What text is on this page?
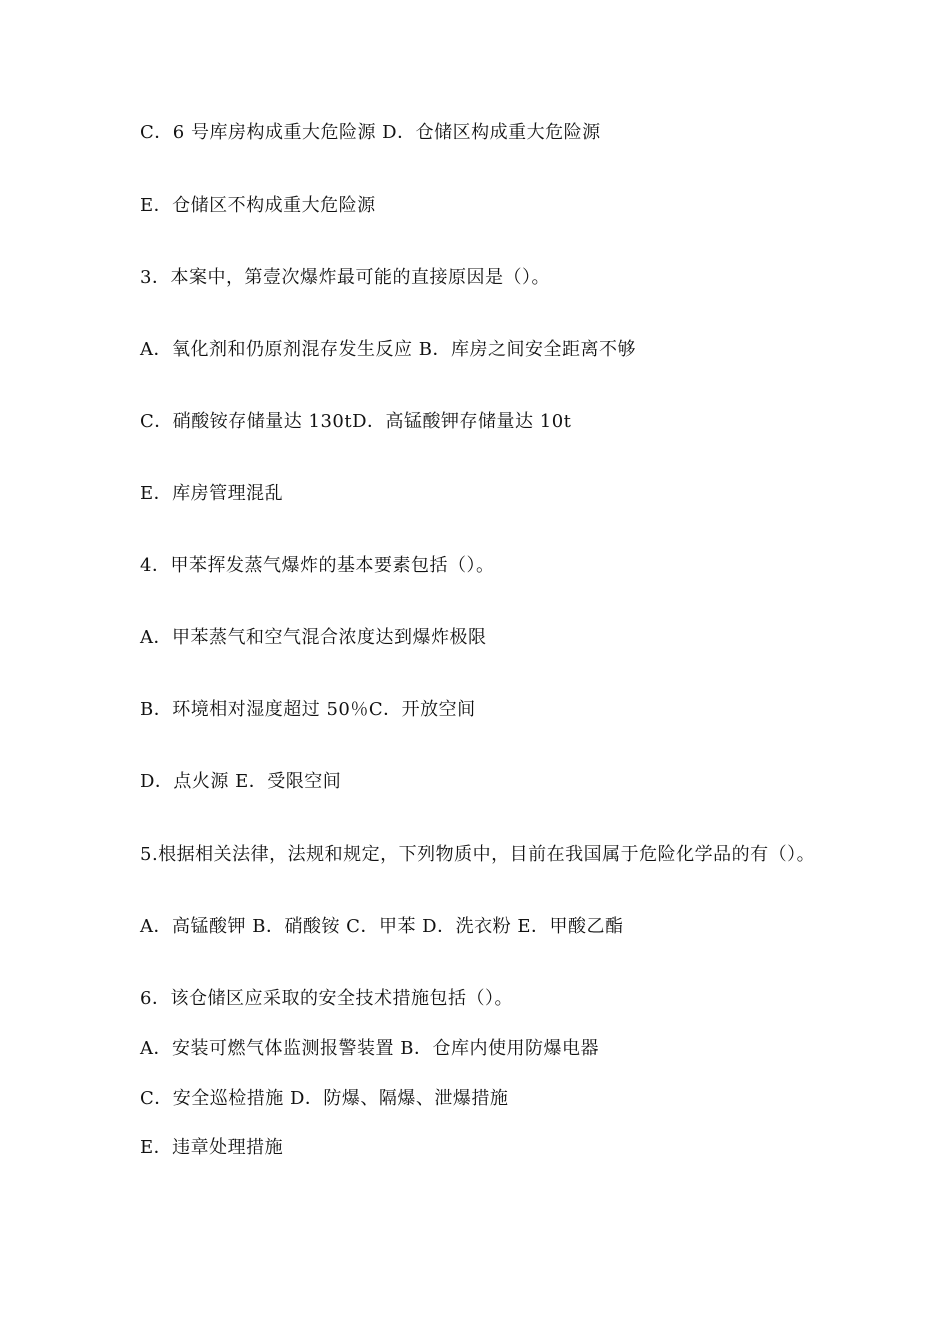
C．6 号库房构成重大危险源 D．仓储区构成重大危险源
E．仓储区不构成重大危险源
3．本案中，第壹次爆炸最可能的直接原因是（）。
A．氧化剂和仍原剂混存发生反应 B．库房之间安全距离不够
C．硝酸铵存储量达 130tD．高锰酸钾存储量达 10t
E．库房管理混乱
4．甲苯挥发蒸气爆炸的基本要素包括（）。
A．甲苯蒸气和空气混合浓度达到爆炸极限
B．环境相对湿度超过 50％C．开放空间
D．点火源 E．受限空间
5.根据相关法律，法规和规定，下列物质中，目前在我国属于危险化学品的有（）。
A．高锰酸钾 B．硝酸铵 C．甲苯 D．洗衣粉 E．甲酸乙酯
6．该仓储区应采取的安全技术措施包括（）。
A．安装可燃气体监测报警装置 B．仓库内使用防爆电器
C．安全巡检措施 D．防爆、隔爆、泄爆措施
E．违章处理措施
